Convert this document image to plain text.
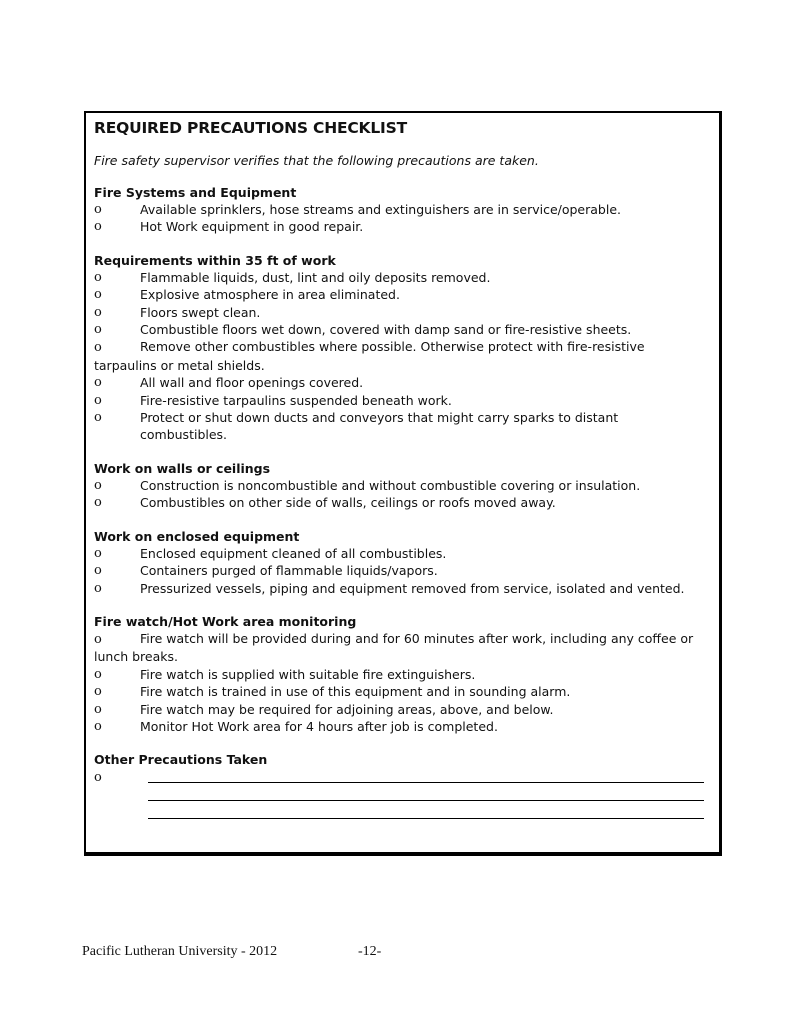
REQUIRED PRECAUTIONS CHECKLIST
Fire safety supervisor verifies that the following precautions are taken.
Fire Systems and Equipment
o	Available sprinklers, hose streams and extinguishers are in service/operable.
o	Hot Work equipment in good repair.
Requirements within 35 ft of work
o	Flammable liquids, dust, lint and oily deposits removed.
o	Explosive atmosphere in area eliminated.
o	Floors swept clean.
o	Combustible floors wet down, covered with damp sand or fire-resistive sheets.
o	Remove other combustibles where possible. Otherwise protect with fire-resistive tarpaulins or metal shields.
o	All wall and floor openings covered.
o	Fire-resistive tarpaulins suspended beneath work.
o	Protect or shut down ducts and conveyors that might carry sparks to distant combustibles.
Work on walls or ceilings
o	Construction is noncombustible and without combustible covering or insulation.
o	Combustibles on other side of walls, ceilings or roofs moved away.
Work on enclosed equipment
o	Enclosed equipment cleaned of all combustibles.
o	Containers purged of flammable liquids/vapors.
o	Pressurized vessels, piping and equipment removed from service, isolated and vented.
Fire watch/Hot Work area monitoring
o	Fire watch will be provided during and for 60 minutes after work, including any coffee or lunch breaks.
o	Fire watch is supplied with suitable fire extinguishers.
o	Fire watch is trained in use of this equipment and in sounding alarm.
o	Fire watch may be required for adjoining areas, above, and below.
o	Monitor Hot Work area for 4 hours after job is completed.
Other Precautions Taken
o
Pacific Lutheran University - 2012	-12-
